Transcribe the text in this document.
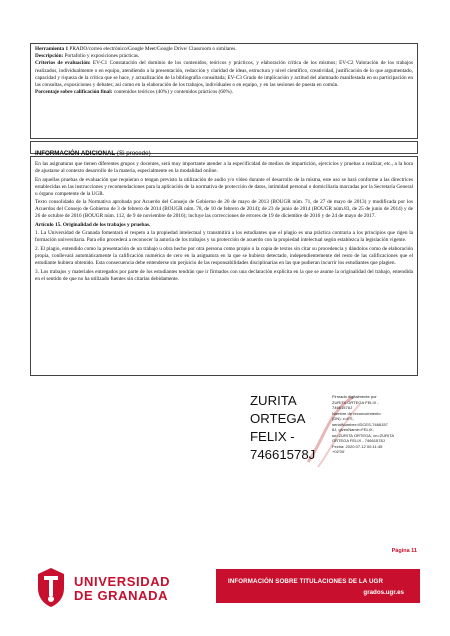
Herramienta 1 PRADO/correo electrónico/Google Meet/Google Drive/ Classroom o similares.

Descripción: Portafolio y exposiciones prácticas.

Criterios de evaluación: EV-C1 Constatación del dominio de los contenidos, teóricos y prácticos, y elaboración crítica de los mismos; EV-C2 Valoración de los trabajos realizados, individualmente o en equipo, atendiendo a la presentación, redacción y claridad de ideas, estructura y nivel científico, creatividad, justificación de lo que argumentado, capacidad y riqueza de la crítica que se hace, y actualización de la bibliografía consultada; EV-C3 Grado de implicación y actitud del alumnado manifestada en su participación en las consultas, exposiciones y debates; así como en la elaboración de los trabajos, individuales o en equipo, y en las sesiones de puesta en común.

Porcentaje sobre calificación final: contenidos teóricos (40%) y contenidos prácticos (60%).

INFORMACIÓN ADICIONAL (Si procede)

En las asignaturas que tienen diferentes grupos y docentes, será muy importante atender a la especificidad de medios de impartición, ejercicios y pruebas a realizar, etc., a la hora de ajustarse al contexto desarrollo de la materia, especialmente en la modalidad online.

En aquellas pruebas de evaluación que requieran o tengan previsto la utilización de audio y/o vídeo durante el desarrollo de la misma, este uso se hará conforme a las directrices establecidas en las instrucciones y recomendaciones para la aplicación de la normativa de protección de datos, intimidad personal o domiciliaria marcadas por la Secretaría General u órgano competente de la UGR.

Texto consolidado de la Normativa aprobada por Acuerdo del Consejo de Gobierno de 20 de mayo de 2013 (BOUGR núm. 71, de 27 de mayo de 2013) y modificada por los Acuerdos del Consejo de Gobierno de 3 de febrero de 2014 (BOUGR núm. 78, de 10 de febrero de 2014); de 23 de junio de 2014 (BOUGR núm.83, de 25 de junio de 2014) y de 26 de octubre de 2016 (BOUGR núm. 112, de 9 de noviembre de 2016); incluye las correcciones de errores de 19 de diciembre de 2016 y de 24 de mayo de 2017.

Artículo 15. Originalidad de los trabajos y pruebas.

1. La Universidad de Granada fomentará el respeto a la propiedad intelectual y transmitirá a los estudiantes que el plagio es una práctica contraria a los principios que rigen la formación universitaria. Para ello procederá a reconocer la autoría de los trabajos y su protección de acuerdo con la propiedad intelectual según establezca la legislación vigente.

2. El plagio, entendido como la presentación de un trabajo u obra hecho por otra persona como propio o la copia de textos sin citar su procedencia y dándolos como de elaboración propia, conllevará automáticamente la calificación numérica de cero en la asignatura en la que se hubiera detectado, independientemente del resto de las calificaciones que el estudiante hubiera obtenido. Esta consecuencia debe entenderse sin perjuicio de las responsabilidades disciplinarias en las que pudieran incurrir los estudiantes que plagien.

3. Los trabajos y materiales entregados por parte de los estudiantes tendrán que ir firmados con una declaración explícita en la que se asume la originalidad del trabajo, entendida en el sentido de que no ha utilizado fuentes sin citarlas debidamente.

ZURITA
ORTEGA
FELIX -
74661578J
Firmado digitalmente por
ZURITA ORTEGA FELIX -
74661578J
Nombre de reconocimiento
(DN): c=ES,
serialNumber=IDCES-7466157
8J, givenName=FELIX,
sn=ZURITA ORTEGA, cn=ZURITA
ORTEGA FELIX - 74661578J
Fecha: 2020.07.12 00:11:45
+02'00'
Página 11
UNIVERSIDAD
DE GRANADA
INFORMACIÓN SOBRE TITULACIONES DE LA UGR
grados.ugr.es
